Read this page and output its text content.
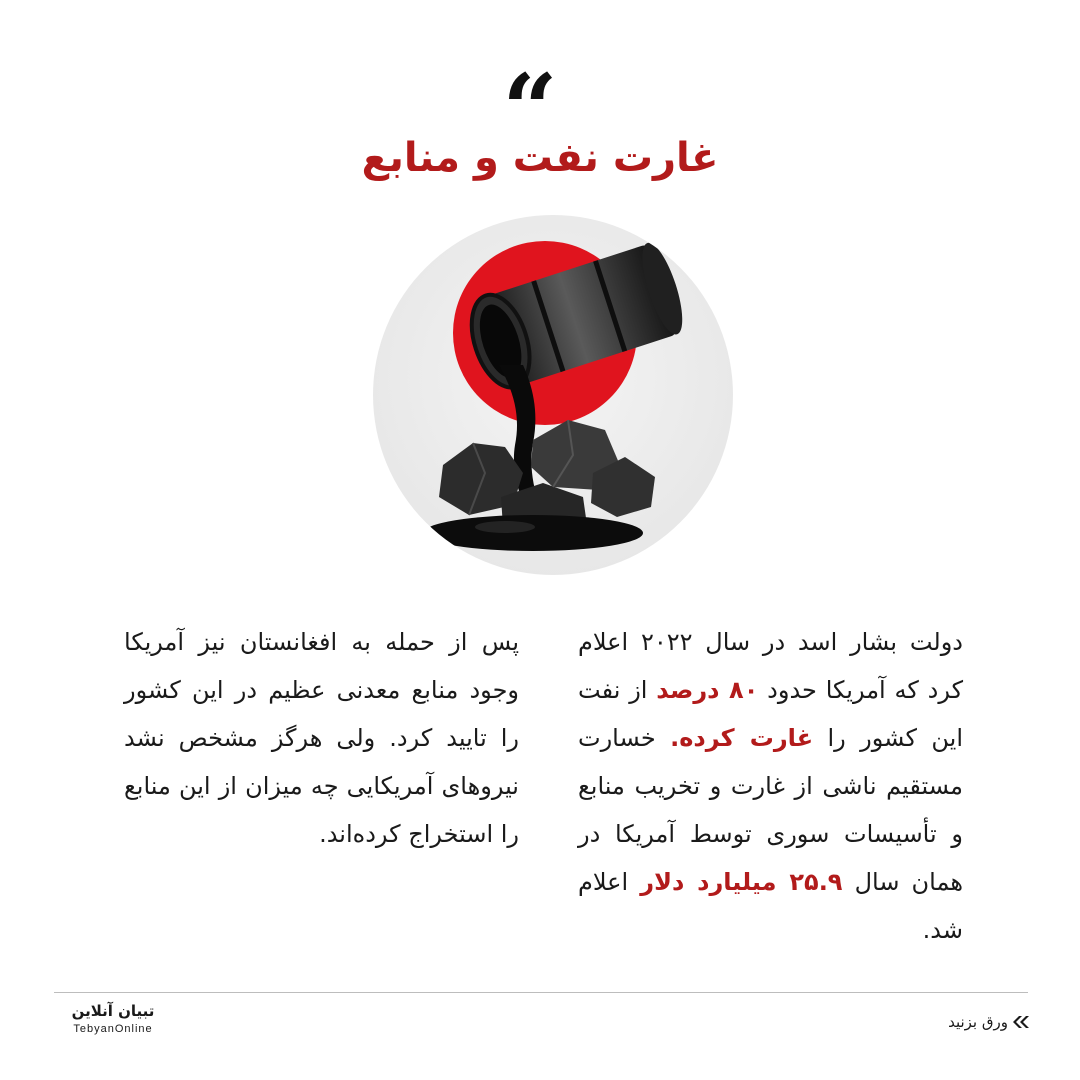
“
غارت نفت و منابع

دولت بشار اسد در سال ۲۰۲۲ اعلام کرد که آمریکا حدود ۸۰ درصد از نفت این کشور را غارت کرده. خسارت مستقیم ناشی از غارت و تخریب منابع و تأسیسات سوری توسط آمریکا در همان سال ۲۵.۹ میلیارد دلار اعلام شد.

پس از حمله به افغانستان نیز آمریکا وجود منابع معدنی عظیم در این کشور را تایید کرد. ولی هرگز مشخص نشد نیروهای آمریکایی چه میزان از این منابع را استخراج کرده‌اند.

تبیان آنلاین
TebyanOnline	ورق بزنید
